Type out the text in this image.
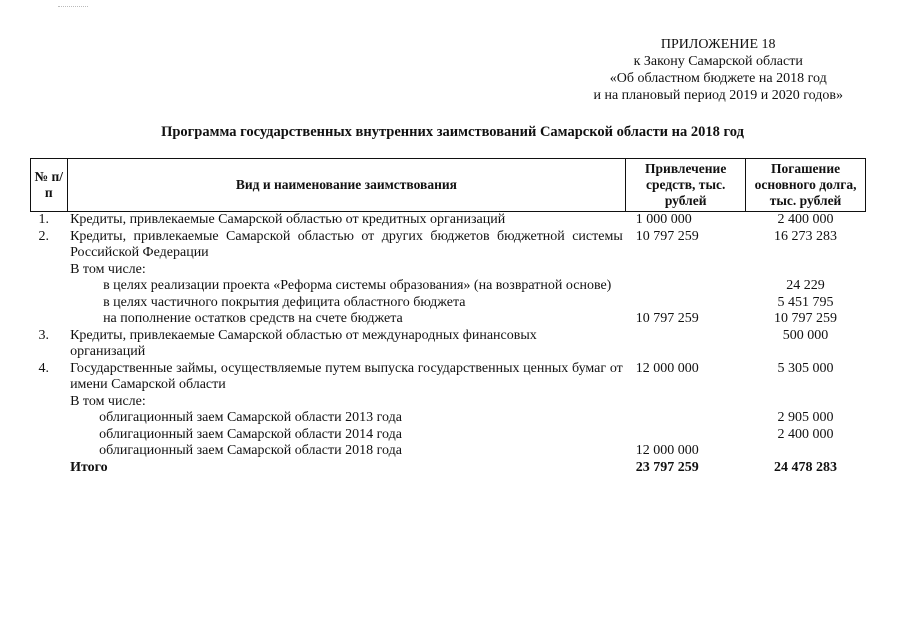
ПРИЛОЖЕНИЕ 18
к Закону Самарской области
«Об областном бюджете на 2018 год
и на плановый период 2019 и 2020 годов»
Программа государственных внутренних заимствований Самарской области на 2018 год
№ п/п	Вид и наименование заимствования	Привлечение средств, тыс. рублей	Погашение основного долга, тыс. рублей
1.	Кредиты, привлекаемые Самарской областью от кредитных организаций	1 000 000	2 400 000
2.	Кредиты, привлекаемые Самарской областью от других бюджетов бюджетной системы Российской Федерации	10 797 259	16 273 283
	В том числе:		
	в целях реализации проекта «Реформа системы образования» (на возвратной основе)		24 229
	в целях частичного покрытия дефицита областного бюджета		5 451 795
	на пополнение остатков средств на счете бюджета	10 797 259	10 797 259
3.	Кредиты, привлекаемые Самарской областью от международных финансовых организаций		500 000
4.	Государственные займы, осуществляемые путем выпуска государственных ценных бумаг от имени Самарской области	12 000 000	5 305 000
	В том числе:		
	облигационный заем Самарской области 2013 года		2 905 000
	облигационный заем Самарской области 2014 года		2 400 000
	облигационный заем Самарской области 2018 года	12 000 000	
	Итого	23 797 259	24 478 283
